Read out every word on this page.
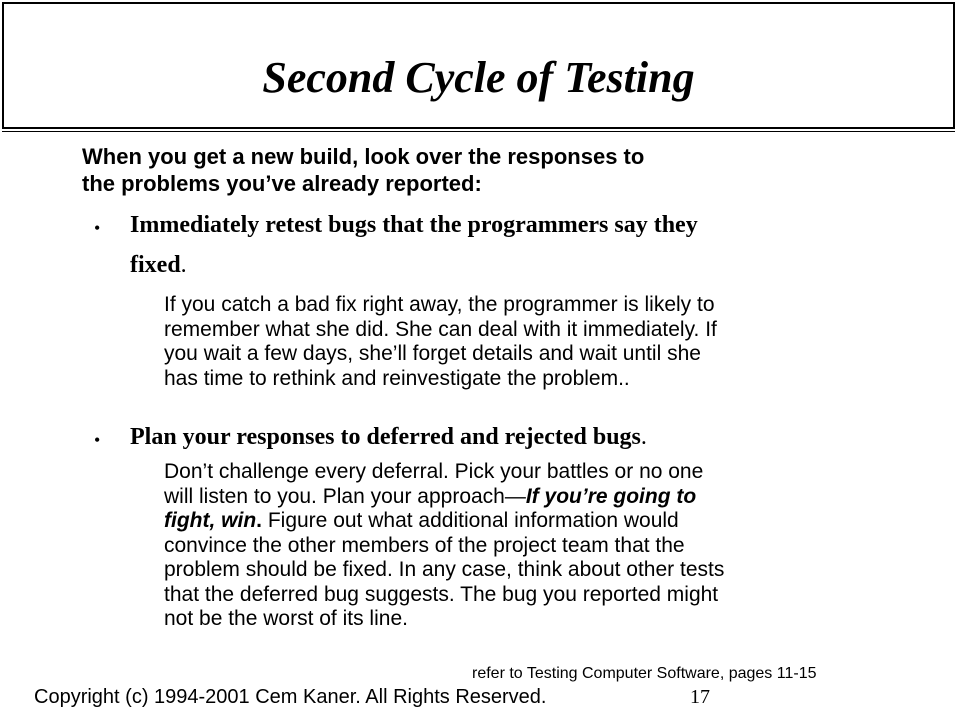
Second Cycle of Testing
When you get a new build, look over the responses to
the problems you’ve already reported:
• Immediately retest bugs that the programmers say they
fixed.
If you catch a bad fix right away, the programmer is likely to
remember what she did. She can deal with it immediately. If
you wait a few days, she’ll forget details and wait until she
has time to rethink and reinvestigate the problem..
• Plan your responses to deferred and rejected bugs.
Don’t challenge every deferral. Pick your battles or no one
will listen to you. Plan your approach—If you’re going to
fight, win. Figure out what additional information would
convince the other members of the project team that the
problem should be fixed. In any case, think about other tests
that the deferred bug suggests. The bug you reported might
not be the worst of its line.
refer to Testing Computer Software, pages 11-15
Copyright (c) 1994-2001 Cem Kaner. All Rights Reserved.	17
